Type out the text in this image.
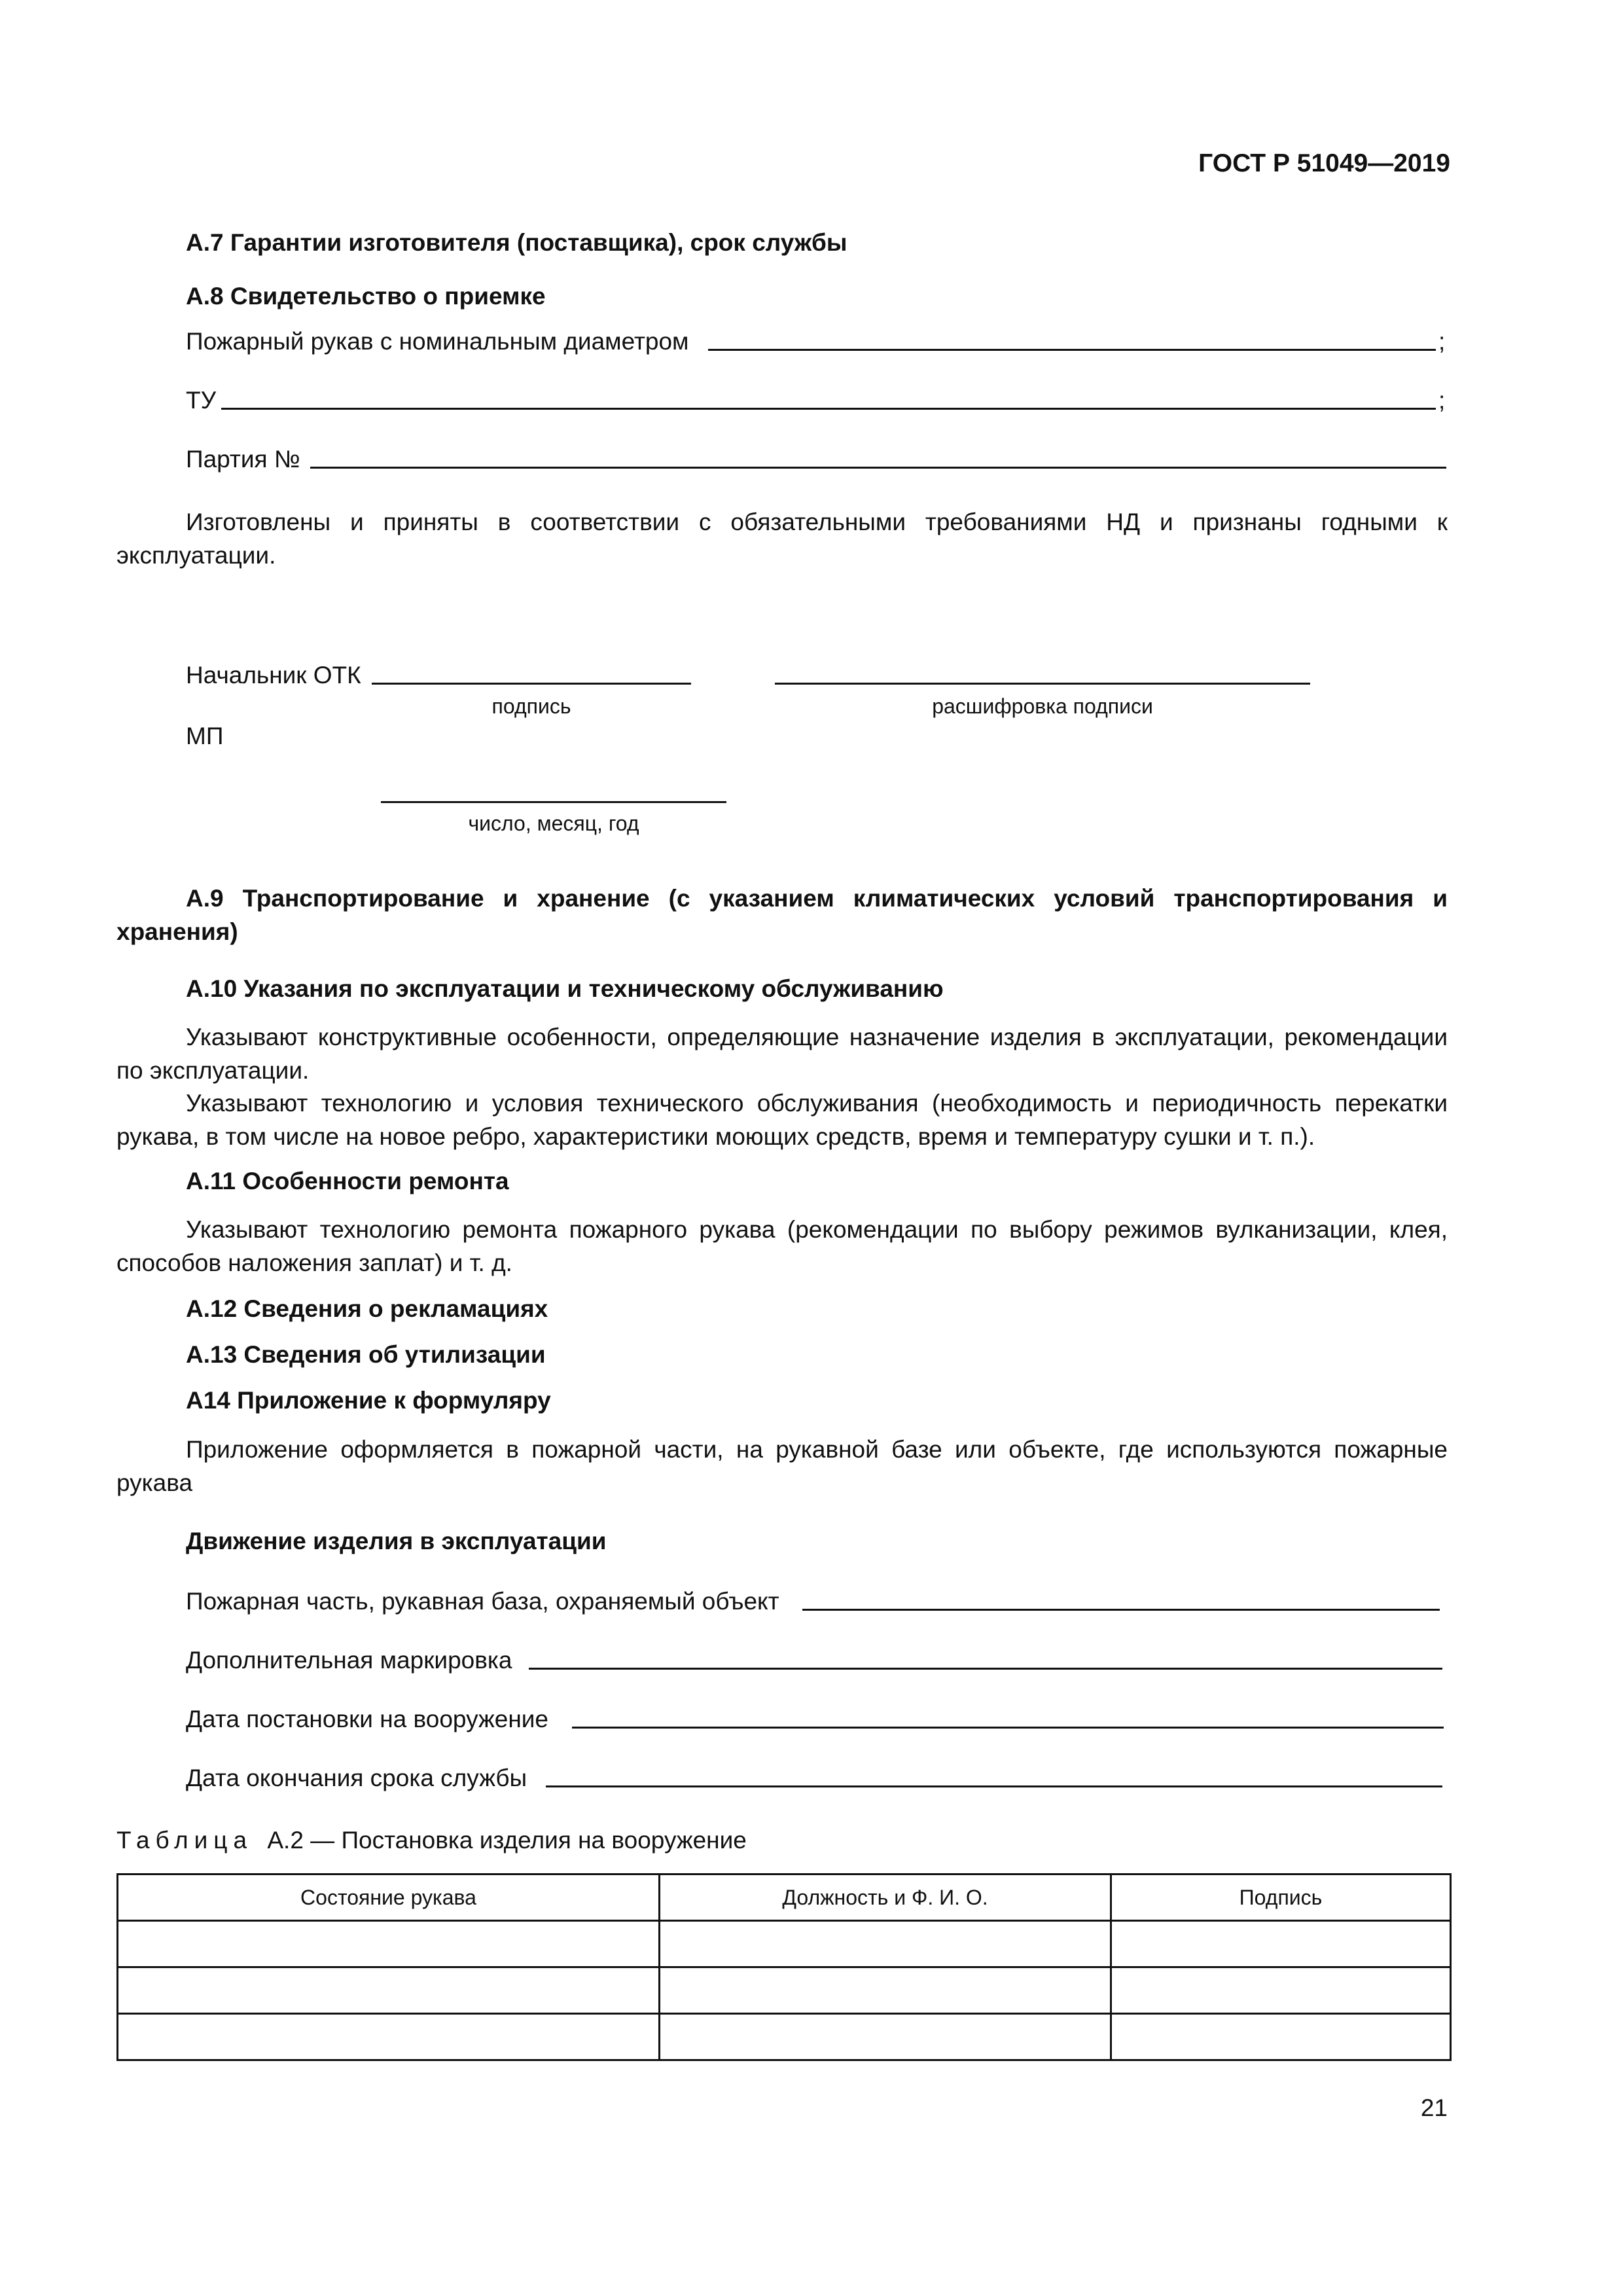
ГОСТ Р 51049—2019
А.7 Гарантии изготовителя (поставщика), срок службы
А.8 Свидетельство о приемке
Пожарный рукав с номинальным диаметром	;
ТУ	;
Партия №
Изготовлены и приняты в соответствии с обязательными требованиями НД и признаны годными к эксплуатации.
Начальник ОТК
подпись	расшифровка подписи
МП
число, месяц, год
А.9 Транспортирование и хранение (с указанием климатических условий транспортирования и хранения)
А.10 Указания по эксплуатации и техническому обслуживанию
Указывают конструктивные особенности, определяющие назначение изделия в эксплуатации, рекомендации по эксплуатации.
Указывают технологию и условия технического обслуживания (необходимость и периодичность перекатки рукава, в том числе на новое ребро, характеристики моющих средств, время и температуру сушки и т. п.).
А.11 Особенности ремонта
Указывают технологию ремонта пожарного рукава (рекомендации по выбору режимов вулканизации, клея, способов наложения заплат) и т. д.
А.12 Сведения о рекламациях
А.13 Сведения об утилизации
А14 Приложение к формуляру
Приложение оформляется в пожарной части, на рукавной базе или объекте, где используются пожарные рукава
Движение изделия в эксплуатации
Пожарная часть, рукавная база, охраняемый объект
Дополнительная маркировка
Дата постановки на вооружение
Дата окончания срока службы
Таблица А.2 — Постановка изделия на вооружение
Состояние рукава	Должность и Ф. И. О.	Подпись

21
